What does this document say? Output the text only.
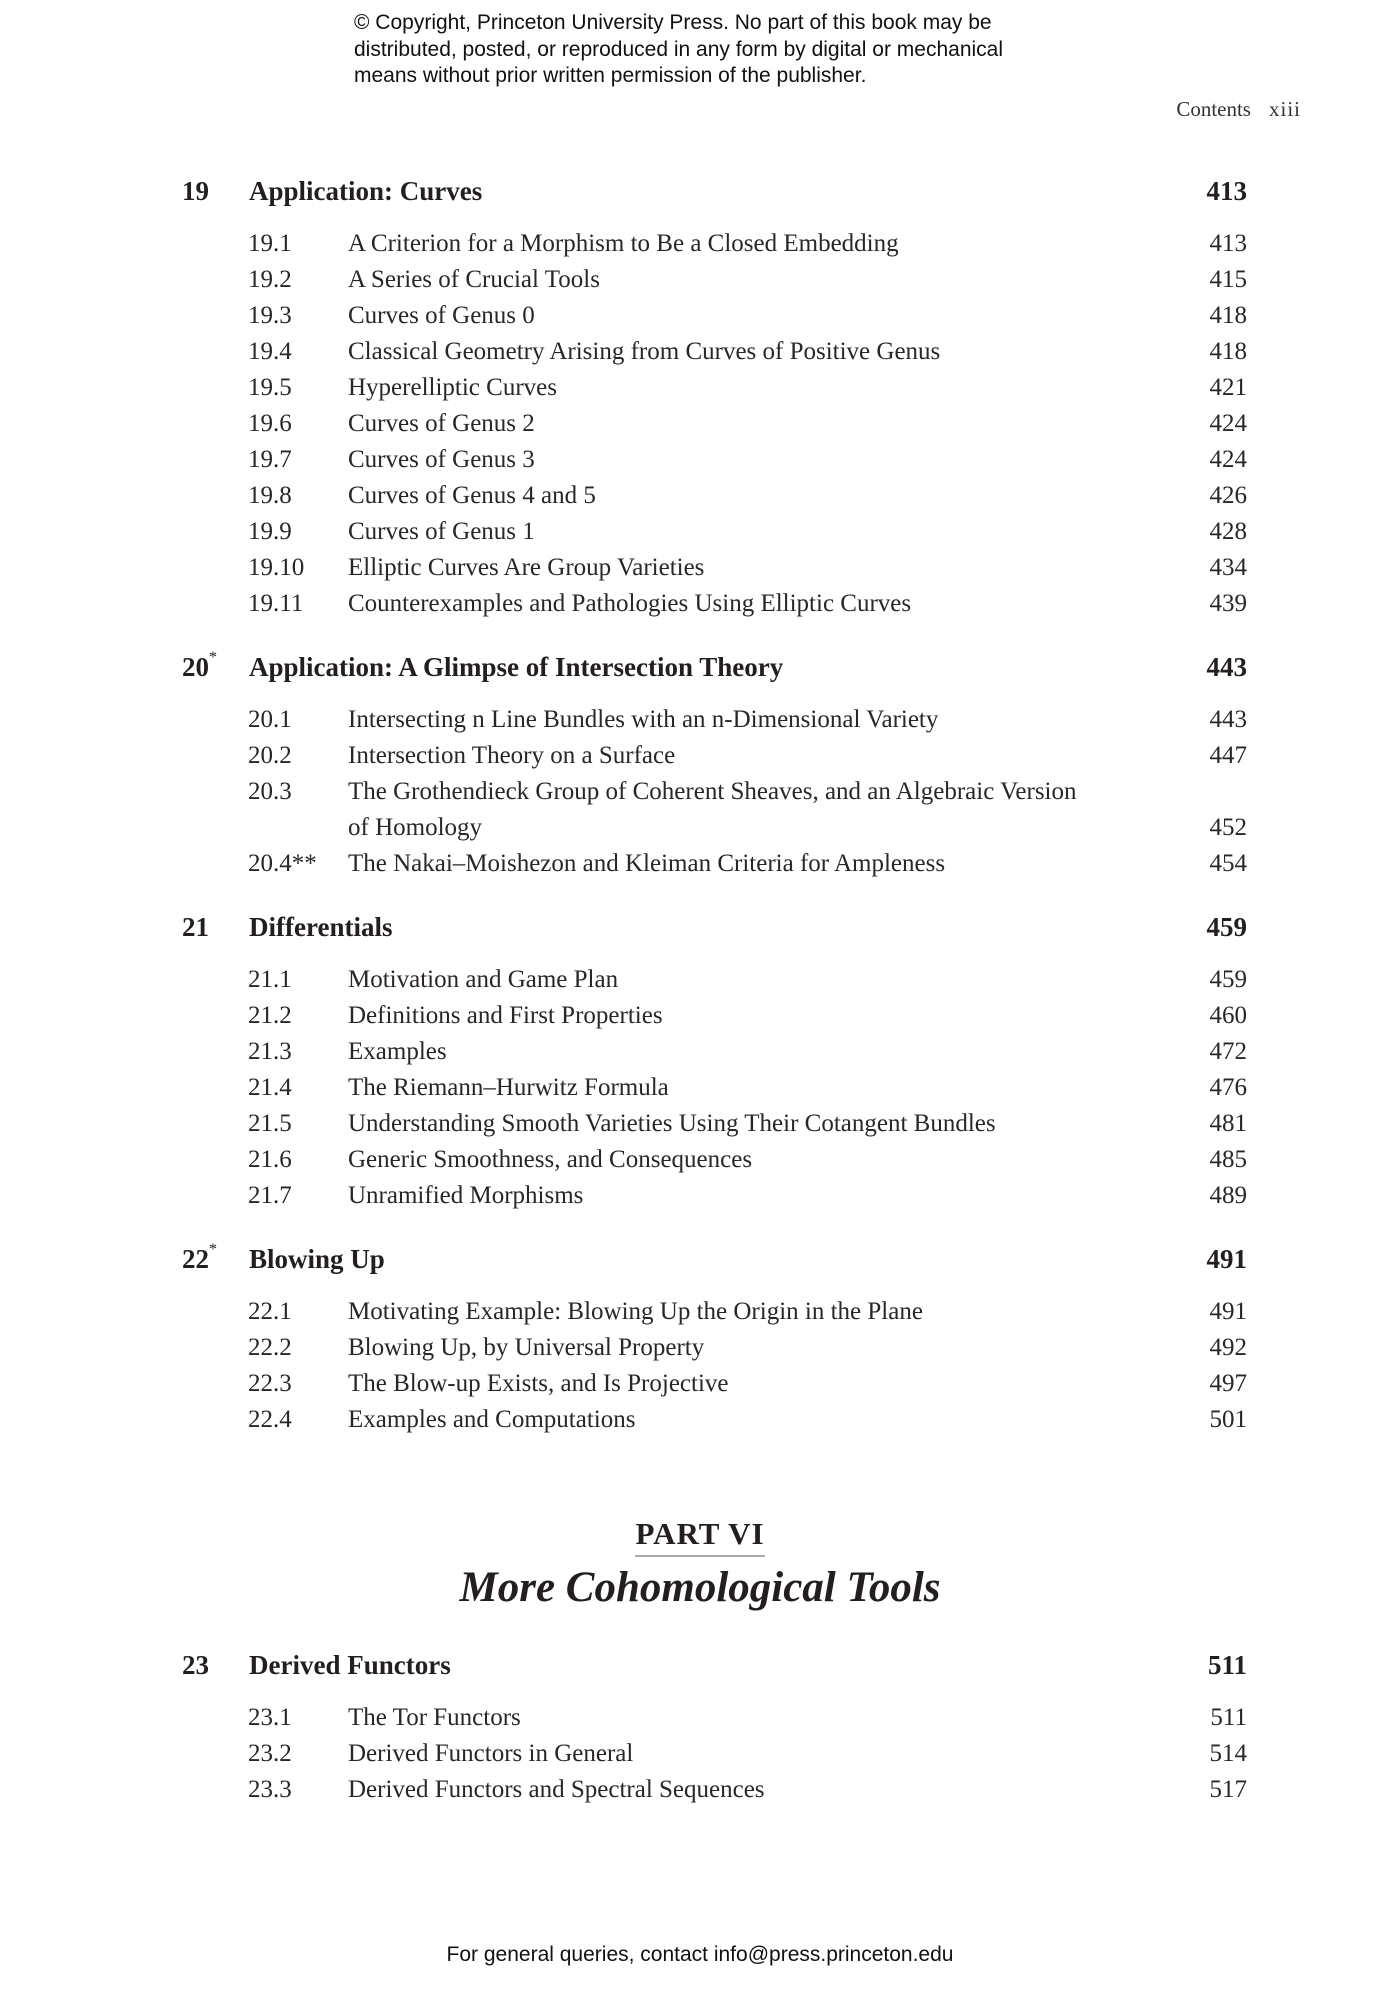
© Copyright, Princeton University Press. No part of this book may be
distributed, posted, or reproduced in any form by digital or mechanical
means without prior written permission of the publisher.
Contents xiii
19 Application: Curves	413
19.1 A Criterion for a Morphism to Be a Closed Embedding	413
19.2 A Series of Crucial Tools	415
19.3 Curves of Genus 0	418
19.4 Classical Geometry Arising from Curves of Positive Genus	418
19.5 Hyperelliptic Curves	421
19.6 Curves of Genus 2	424
19.7 Curves of Genus 3	424
19.8 Curves of Genus 4 and 5	426
19.9 Curves of Genus 1	428
19.10 Elliptic Curves Are Group Varieties	434
19.11 Counterexamples and Pathologies Using Elliptic Curves	439
20* Application: A Glimpse of Intersection Theory	443
20.1 Intersecting n Line Bundles with an n-Dimensional Variety	443
20.2 Intersection Theory on a Surface	447
20.3 The Grothendieck Group of Coherent Sheaves, and an Algebraic Version
of Homology	452
20.4** The Nakai–Moishezon and Kleiman Criteria for Ampleness	454
21 Differentials	459
21.1 Motivation and Game Plan	459
21.2 Definitions and First Properties	460
21.3 Examples	472
21.4 The Riemann–Hurwitz Formula	476
21.5 Understanding Smooth Varieties Using Their Cotangent Bundles	481
21.6 Generic Smoothness, and Consequences	485
21.7 Unramified Morphisms	489
22* Blowing Up	491
22.1 Motivating Example: Blowing Up the Origin in the Plane	491
22.2 Blowing Up, by Universal Property	492
22.3 The Blow-up Exists, and Is Projective	497
22.4 Examples and Computations	501
PART VI
More Cohomological Tools
23 Derived Functors	511
23.1 The Tor Functors	511
23.2 Derived Functors in General	514
23.3 Derived Functors and Spectral Sequences	517
For general queries, contact info@press.princeton.edu
